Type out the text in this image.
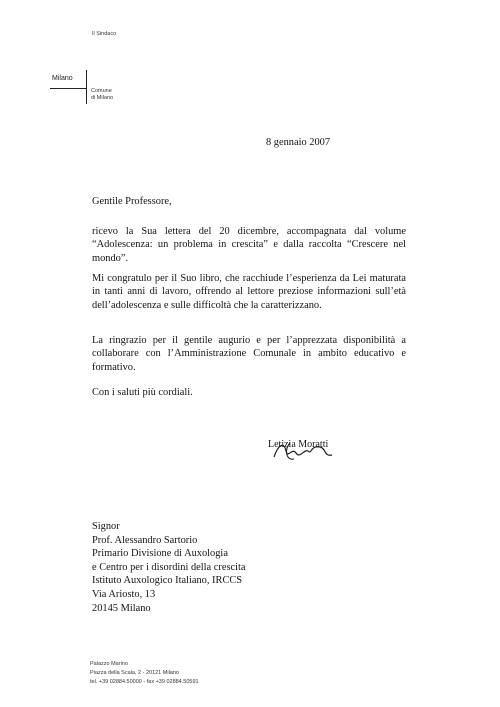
Il Sindaco
Milano
Comune
di Milano
8 gennaio 2007
Gentile Professore,
ricevo la Sua lettera del 20 dicembre, accompagnata dal volume “Adolescenza: un problema in crescita” e dalla raccolta “Crescere nel mondo”.
Mi congratulo per il Suo libro, che racchiude l’esperienza da Lei maturata in tanti anni di lavoro, offrendo al lettore preziose informazioni sull’età dell’adolescenza e sulle difficoltà che la caratterizzano.
La ringrazio per il gentile augurio e per l’apprezzata disponibilità a collaborare con l’Amministrazione Comunale in ambito educativo e formativo.
Con i saluti più cordiali.
Letizia Moratti
Signor
Prof. Alessandro Sartorio
Primario Divisione di Auxologia
e Centro per i disordini della crescita
Istituto Auxologico Italiano, IRCCS
Via Ariosto, 13
20145 Milano
Palazzo Marino
Piazza della Scala, 2 - 20121 Milano
tel. +39 02884.50000 - fax +39 02884.50591
